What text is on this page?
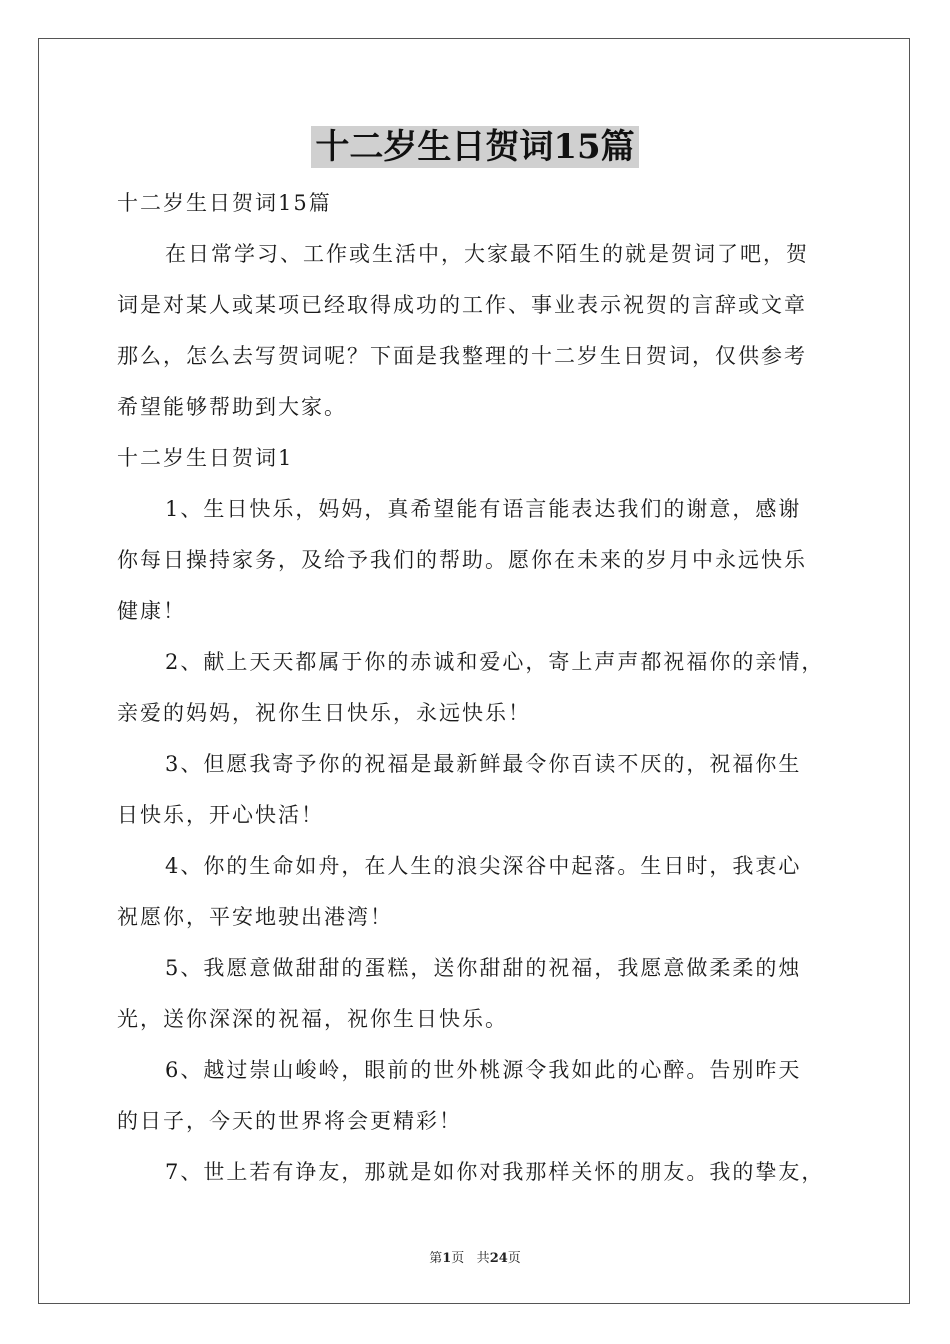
十二岁生日贺词15篇
十二岁生日贺词15篇
在日常学习、工作或生活中，大家最不陌生的就是贺词了吧，贺
词是对某人或某项已经取得成功的工作、事业表示祝贺的言辞或文章
那么，怎么去写贺词呢？下面是我整理的十二岁生日贺词，仅供参考
希望能够帮助到大家。
十二岁生日贺词1
1、生日快乐，妈妈，真希望能有语言能表达我们的谢意，感谢
你每日操持家务，及给予我们的帮助。愿你在未来的岁月中永远快乐
健康！
2、献上天天都属于你的赤诚和爱心，寄上声声都祝福你的亲情，
亲爱的妈妈，祝你生日快乐，永远快乐！
3、但愿我寄予你的祝福是最新鲜最令你百读不厌的，祝福你生
日快乐，开心快活！
4、你的生命如舟，在人生的浪尖深谷中起落。生日时，我衷心
祝愿你，平安地驶出港湾！
5、我愿意做甜甜的蛋糕，送你甜甜的祝福，我愿意做柔柔的烛
光，送你深深的祝福，祝你生日快乐。
6、越过崇山峻岭，眼前的世外桃源令我如此的心醉。告别昨天
的日子，今天的世界将会更精彩！
7、世上若有诤友，那就是如你对我那样关怀的朋友。我的挚友，
第1页 共24页
